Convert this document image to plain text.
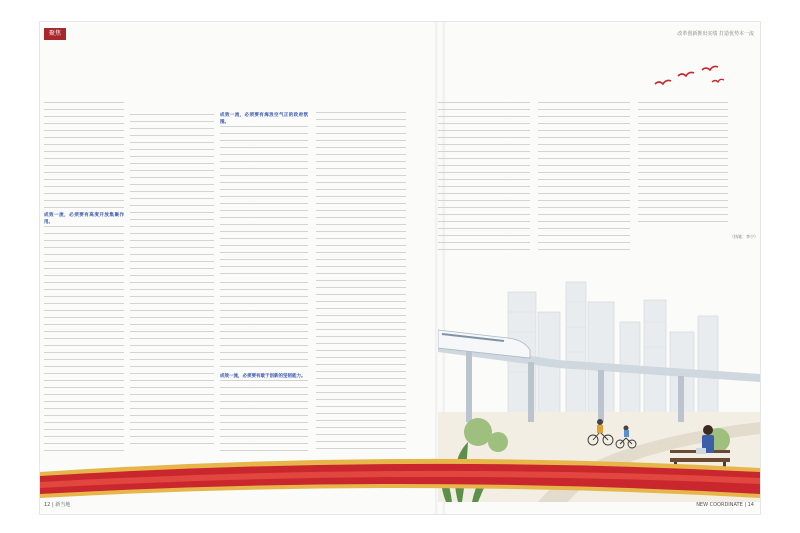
聚焦	改革创新推出实绩 打造优势本一流
成效一流，必须要有高度开放集聚作用。
成效一流，必须要有海浪空气正的政府氛围。
成效一流，必须要有敢于创新的坚韧能力。
（执笔：李宁）
12 | 新当地	NEW COORDINATE | 14
